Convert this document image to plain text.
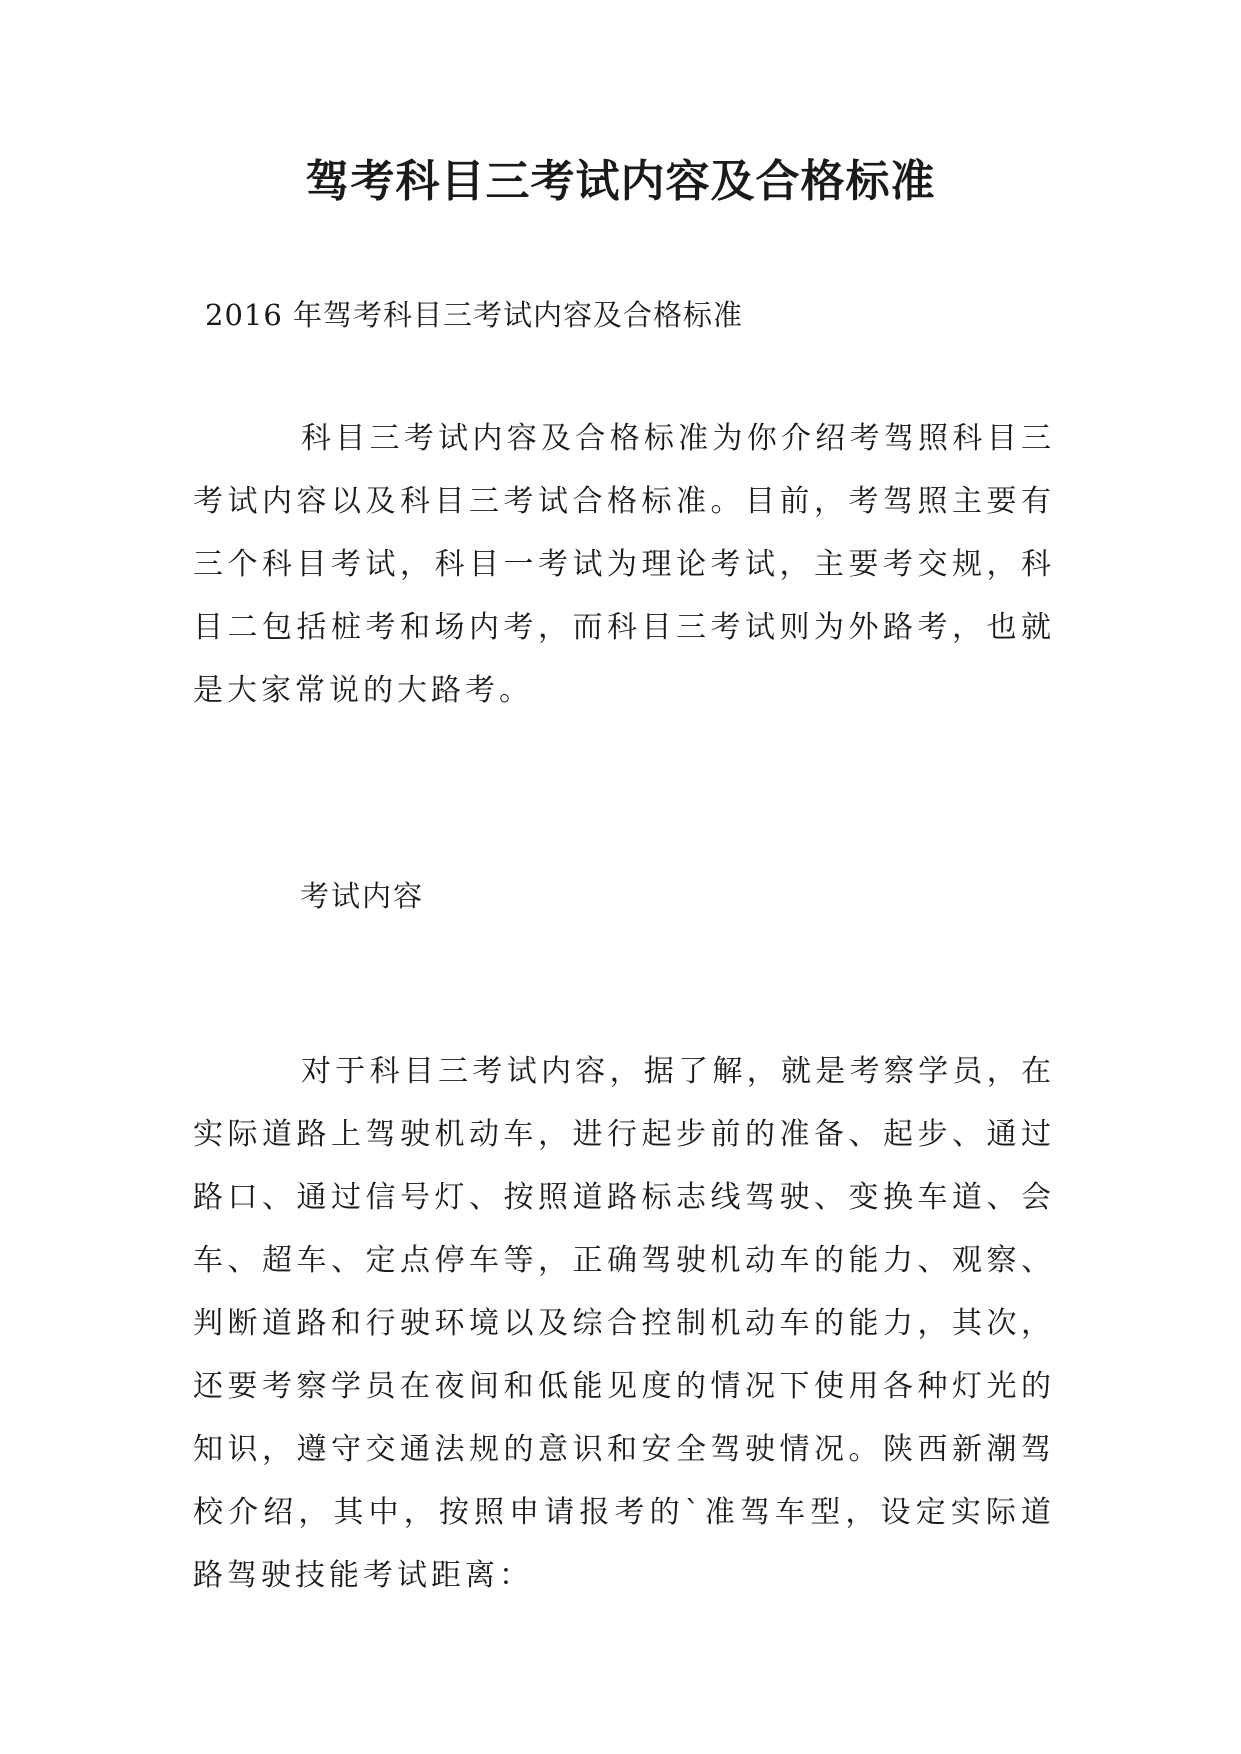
驾考科目三考试内容及合格标准
2016 年驾考科目三考试内容及合格标准
科目三考试内容及合格标准为你介绍考驾照科目三考试内容以及科目三考试合格标准。目前，考驾照主要有三个科目考试，科目一考试为理论考试，主要考交规，科目二包括桩考和场内考，而科目三考试则为外路考，也就是大家常说的大路考。
考试内容
对于科目三考试内容，据了解，就是考察学员，在实际道路上驾驶机动车，进行起步前的准备、起步、通过路口、通过信号灯、按照道路标志线驾驶、变换车道、会车、超车、定点停车等，正确驾驶机动车的能力、观察、判断道路和行驶环境以及综合控制机动车的能力，其次，还要考察学员在夜间和低能见度的情况下使用各种灯光的知识，遵守交通法规的意识和安全驾驶情况。陕西新潮驾校介绍，其中，按照申请报考的`准驾车型，设定实际道路驾驶技能考试距离：
